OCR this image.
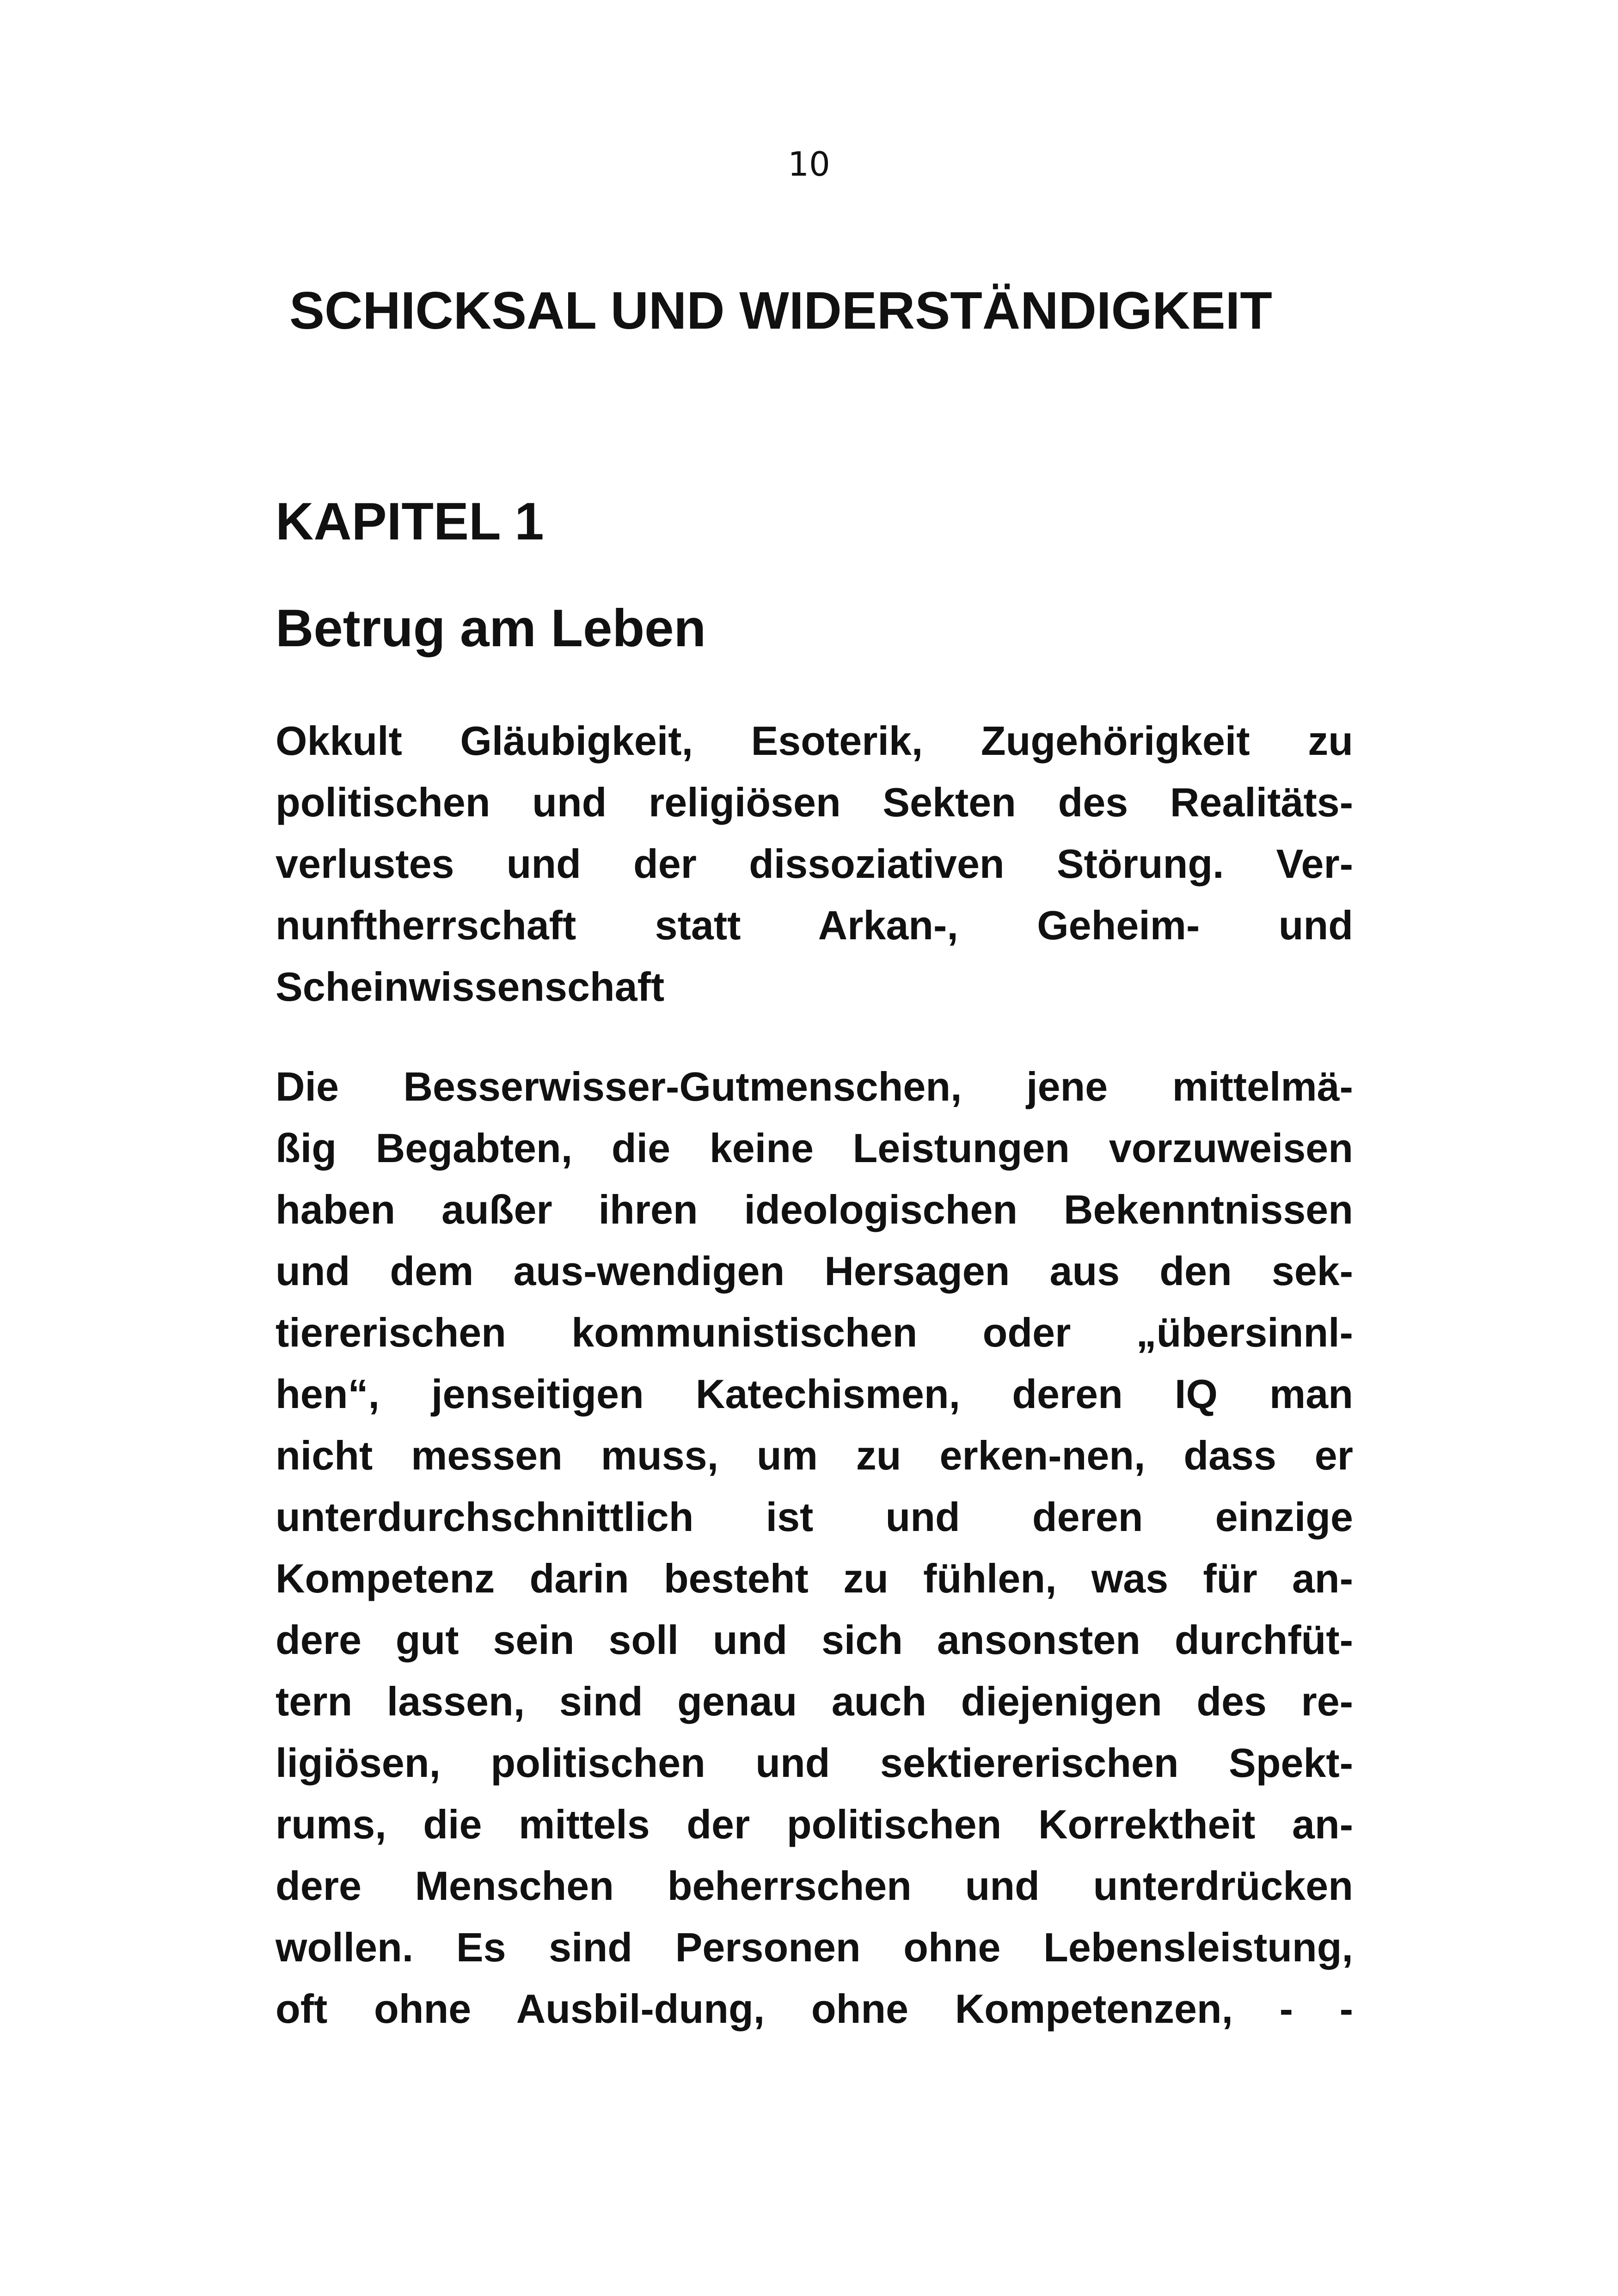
10
SCHICKSAL UND WIDERSTÄNDIGKEIT
KAPITEL 1
Betrug am Leben

Okkult Gläubigkeit, Esoterik, Zugehörigkeit zu
politischen und religiösen Sekten des Realitäts-
verlustes und der dissoziativen Störung. Ver-
nunftherrschaft statt Arkan-, Geheim- und
Scheinwissenschaft

Die Besserwisser-Gutmenschen, jene mittelmä-
ßig Begabten, die keine Leistungen vorzuweisen
haben außer ihren ideologischen Bekenntnissen
und dem aus-wendigen Hersagen aus den sek-
tiererischen kommunistischen oder „übersinnl-
hen“, jenseitigen Katechismen, deren IQ man
nicht messen muss, um zu erken-nen, dass er
unterdurchschnittlich ist und deren einzige
Kompetenz darin besteht zu fühlen, was für an-
dere gut sein soll und sich ansonsten durchfüt-
tern lassen, sind genau auch diejenigen des re-
ligiösen, politischen und sektiererischen Spekt-
rums, die mittels der politischen Korrektheit an-
dere Menschen beherrschen und unterdrücken
wollen. Es sind Personen ohne Lebensleistung,
oft ohne Ausbil-dung, ohne Kompetenzen, - -
